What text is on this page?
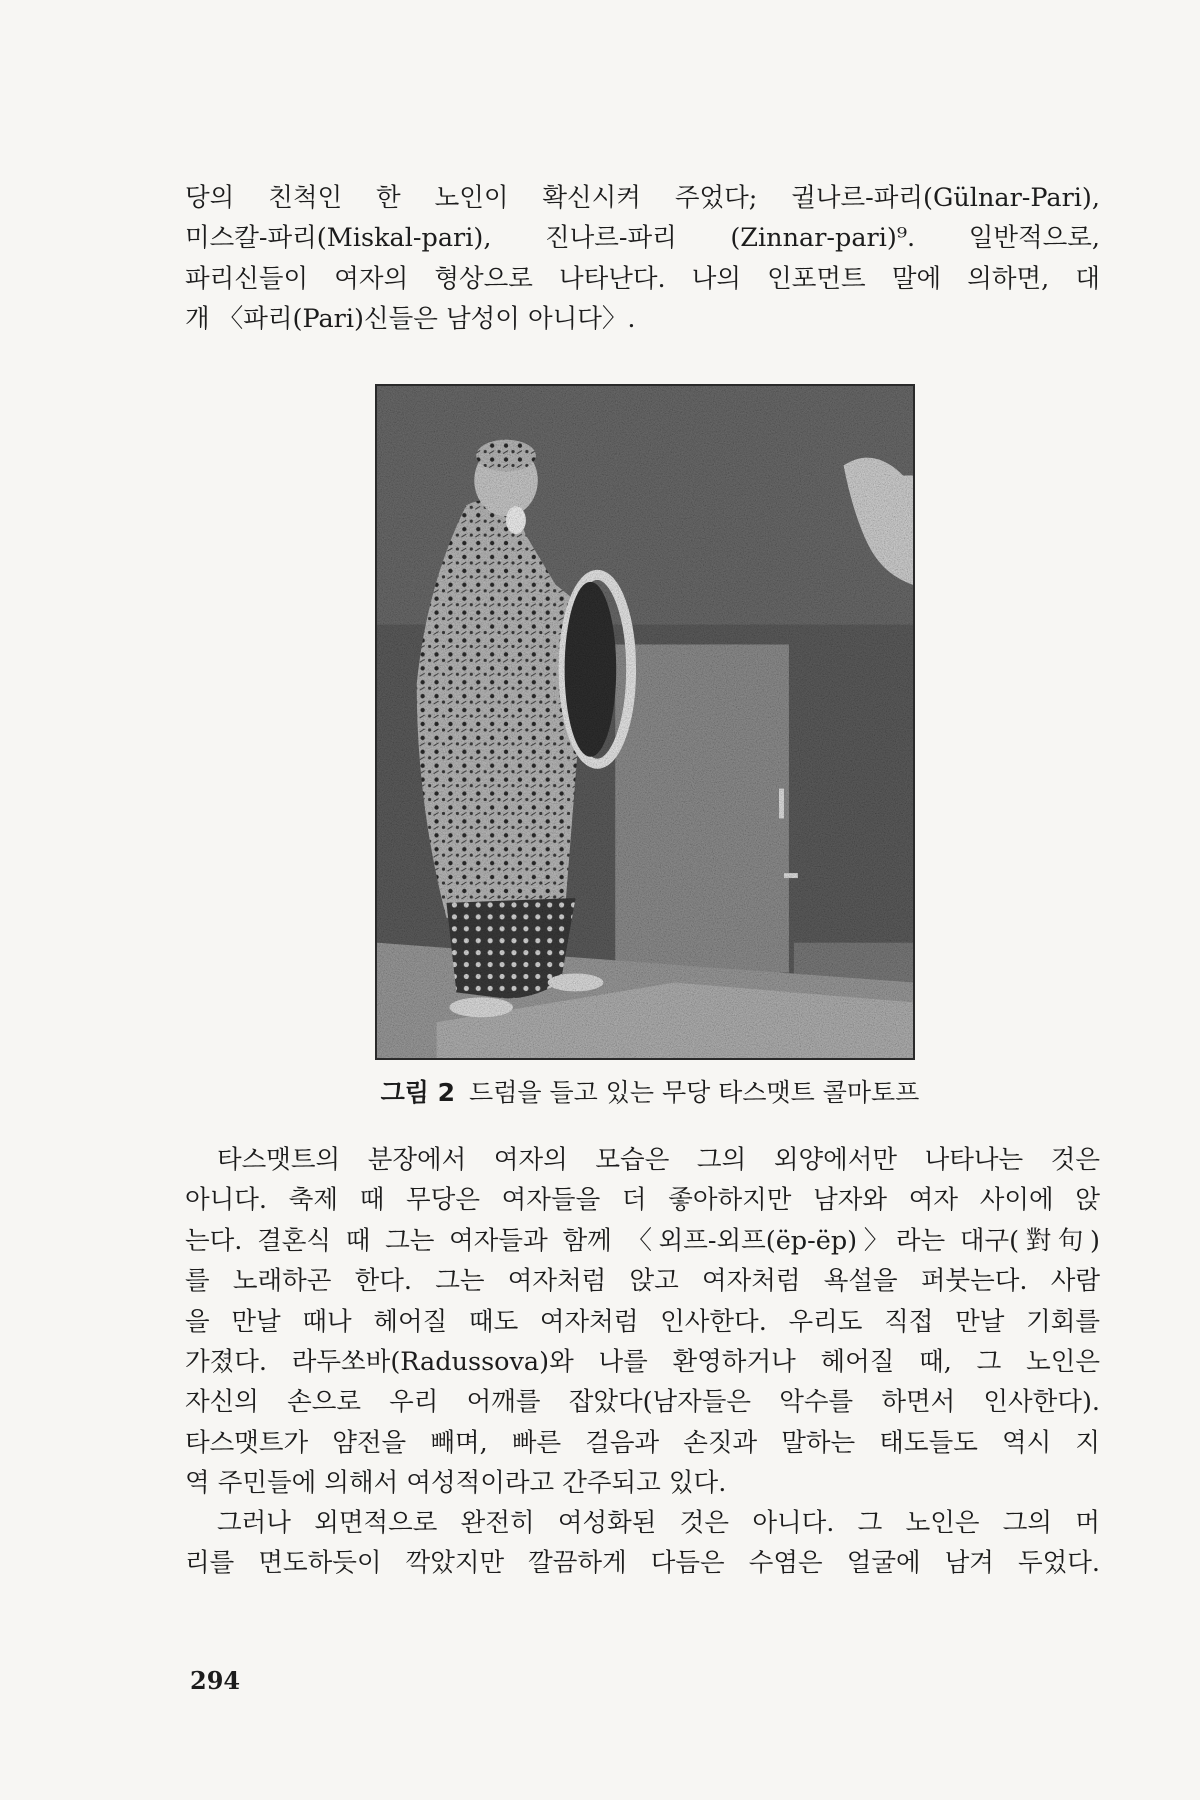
당의 친척인 한 노인이 확신시켜 주었다; 귈나르-파리(Gülnar-Pari),
미스칼-파리(Miskal-pari), 진나르-파리 (Zinnar-pari)⁹. 일반적으로,
파리신들이 여자의 형상으로 나타난다. 나의 인포먼트 말에 의하면, 대
개 〈파리(Pari)신들은 남성이 아니다〉.

그림 2 드럼을 들고 있는 무당 타스맷트 콜마토프

타스맷트의 분장에서 여자의 모습은 그의 외양에서만 나타나는 것은
아니다. 축제 때 무당은 여자들을 더 좋아하지만 남자와 여자 사이에 앉
는다. 결혼식 때 그는 여자들과 함께 〈외프-외프(ëp-ëp)〉라는 대구(對句)
를 노래하곤 한다. 그는 여자처럼 앉고 여자처럼 욕설을 퍼붓는다. 사람
을 만날 때나 헤어질 때도 여자처럼 인사한다. 우리도 직접 만날 기회를
가졌다. 라두쏘바(Radussova)와 나를 환영하거나 헤어질 때, 그 노인은
자신의 손으로 우리 어깨를 잡았다(남자들은 악수를 하면서 인사한다).
타스맷트가 얌전을 빼며, 빠른 걸음과 손짓과 말하는 태도들도 역시 지
역 주민들에 의해서 여성적이라고 간주되고 있다.

그러나 외면적으로 완전히 여성화된 것은 아니다. 그 노인은 그의 머
리를 면도하듯이 깍았지만 깔끔하게 다듬은 수염은 얼굴에 남겨 두었다.

294
